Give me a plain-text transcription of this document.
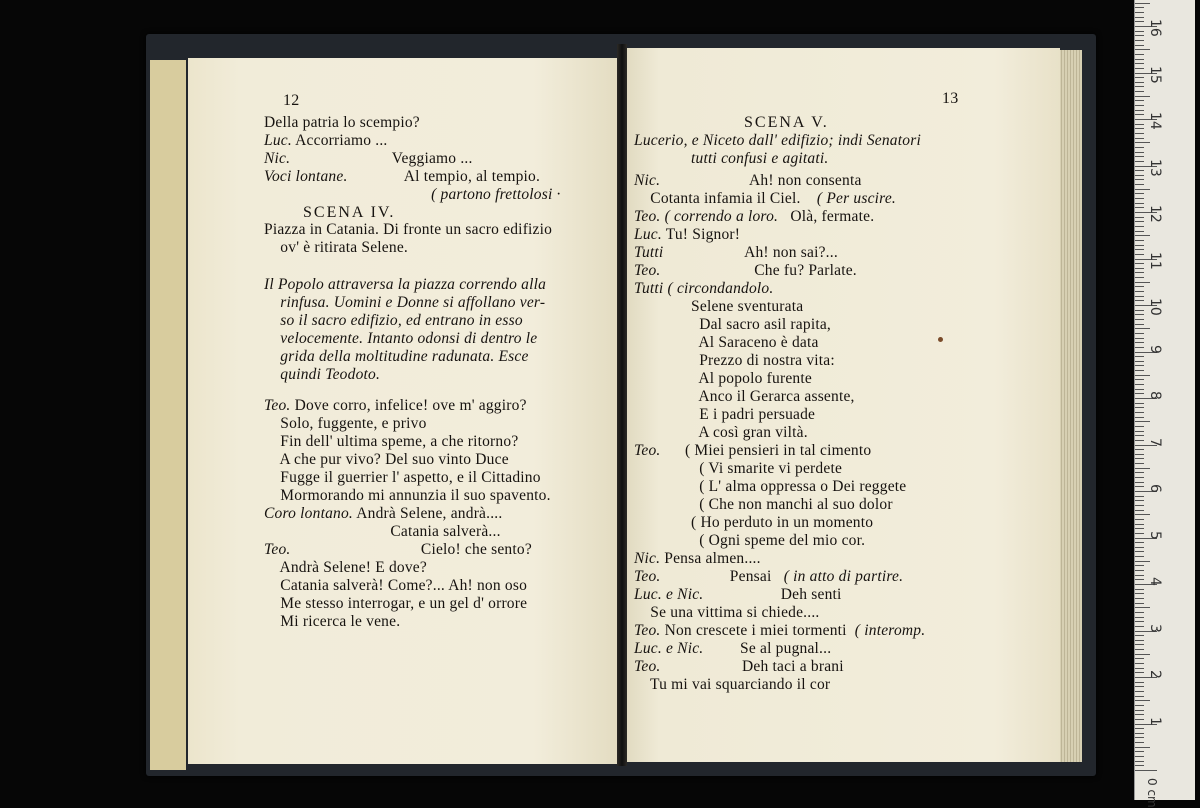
12
Della patria lo scempio?
Luc. Accorriamo ...
Nic.                         Veggiamo ...
Voci lontane.              Al tempio, al tempio.
( partono frettolosi ·
SCENA IV.
Piazza in Catania. Di fronte un sacro edifizio
ov' è ritirata Selene.
Il Popolo attraversa la piazza correndo alla
rinfusa. Uomini e Donne si affollano ver-
so il sacro edifizio, ed entrano in esso
velocemente. Intanto odonsi di dentro le
grida della moltitudine radunata. Esce
quindi Teodoto.
Teo. Dove corro, infelice! ove m' aggiro?
Solo, fuggente, e privo
Fin dell' ultima speme, a che ritorno?
A che pur vivo? Del suo vinto Duce
Fugge il guerrier l' aspetto, e il Cittadino
Mormorando mi annunzia il suo spavento.
Coro lontano. Andrà Selene, andrà....
Catania salverà...
Teo.                                Cielo! che sento?
Andrà Selene! E dove?
Catania salverà! Come?... Ah! non oso
Me stesso interrogar, e un gel d' orrore
Mi ricerca le vene.
13
SCENA V.
Lucerio, e Niceto dall' edifizio; indi Senatori
tutti confusi e agitati.
Nic.                      Ah! non consenta
Cotanta infamia il Ciel.    ( Per uscire.
Teo. ( correndo a loro.   Olà, fermate.
Luc. Tu! Signor!
Tutti                    Ah! non sai?...
Teo.                       Che fu? Parlate.
Tutti ( circondandolo.
Selene sventurata
Dal sacro asil rapita,
Al Saraceno è data
Prezzo di nostra vita:
Al popolo furente
Anco il Gerarca assente,
E i padri persuade
A così gran viltà.
Teo.      ( Miei pensieri in tal cimento
( Vi smarite vi perdete
( L' alma oppressa o Dei reggete
( Che non manchi al suo dolor
( Ho perduto in un momento
( Ogni speme del mio cor.
Nic. Pensa almen....
Teo.                 Pensai   ( in atto di partire.
Luc. e Nic.                   Deh senti
Se una vittima si chiede....
Teo. Non crescete i miei tormenti  ( interomp.
Luc. e Nic.         Se al pugnal...
Teo.                    Deh taci a brani
Tu mi vai squarciando il cor
0 cm
1
2
3
4
5
6
7
8
9
10
11
12
13
14
15
16
